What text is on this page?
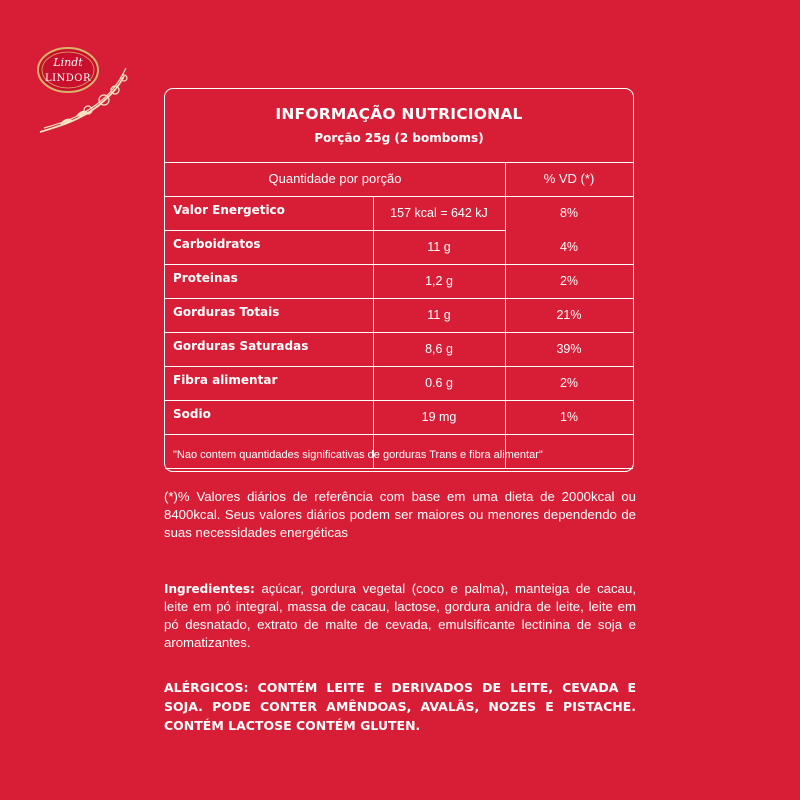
Lindt
LINDOR
INFORMAÇÃO NUTRICIONAL
Porção 25g (2 bomboms)
Quantidade por porção	% VD (*)
Valor Energetico	157 kcal = 642 kJ	8%
Carboidratos	11 g	4%
Proteinas	1,2 g	2%
Gorduras Totais	11 g	21%
Gorduras Saturadas	8,6 g	39%
Fibra alimentar	0.6 g	2%
Sodio	19 mg	1%
"Nao contem quantidades significativas de gorduras Trans e fibra alimentar"
(*)% Valores diários de referência com base em uma dieta de 2000kcal ou 8400kcal. Seus valores diários podem ser maiores ou menores dependendo de suas necessidades energéticas
Ingredientes: açúcar, gordura vegetal (coco e palma), manteiga de cacau, leite em pó integral, massa de cacau, lactose, gordura anidra de leite, leite em pó desnatado, extrato de malte de cevada, emulsificante lectinina de soja e aromatizantes.
ALÉRGICOS: CONTÉM LEITE E DERIVADOS DE LEITE, CEVADA E SOJA. PODE CONTER AMÊNDOAS, AVALÃS, NOZES E PISTACHE. CONTÉM LACTOSE CONTÉM GLUTEN.
